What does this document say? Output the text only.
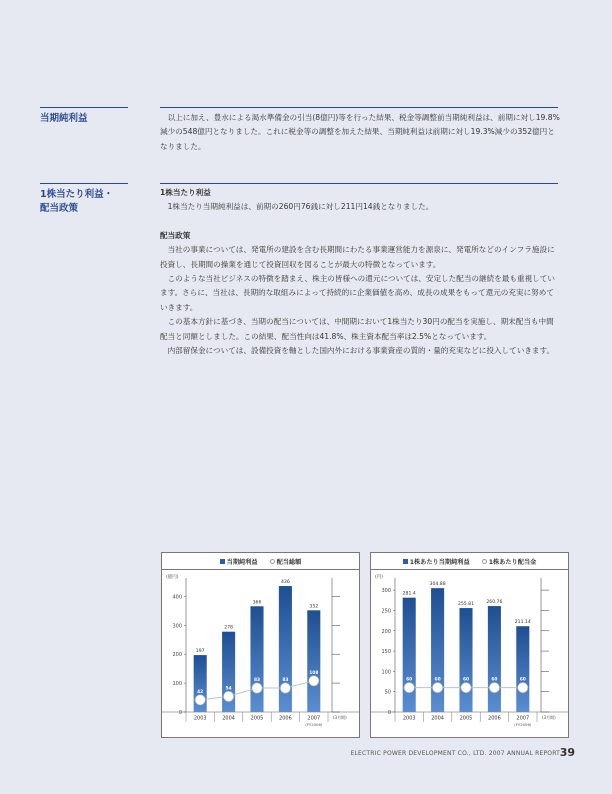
当期純利益	以上に加え、豊水による渇水準備金の引当(8億円)等を行った結果、税金等調整前当期純利益は、前期に対し19.8%減少の548億円となりました。これに税金等の調整を加えた結果、当期純利益は前期に対し19.3%減少の352億円となりました。

1株当たり利益・
配当政策
1株当たり利益

1株当たり当期純利益は、前期の260円76銭に対し211円14銭となりました。

配当政策

当社の事業については、発電所の建設を含む長期間にわたる事業運営能力を源泉に、発電所などのインフラ施設に投資し、長期間の操業を通じて投資回収を図ることが最大の特徴となっています。

このような当社ビジネスの特徴を踏まえ、株主の皆様への還元については、安定した配当の継続を最も重視しています。さらに、当社は、長期的な取組みによって持続的に企業価値を高め、成長の成果をもって還元の充実に努めていきます。

この基本方針に基づき、当期の配当については、中間期において1株当たり30円の配当を実施し、期末配当も中間配当と同額としました。この結果、配当性向は41.8%、株主資本配当率は2.5%となっています。

内部留保金については、設備投資を軸とした国内外における事業資産の質的・量的充実などに投入していきます。

当期純利益	配当総額
(億円)
0
100
200
300
400
197
278
366
436
352
42
54
83	83
108
2003	2004	2005	2006	2007
(FY2006)
(3月期)
1株あたり当期純利益	1株あたり配当金
(円)
0
50
100
150
200
250
300
281.4
304.88
255.81	260.76
211.14
60	60	60	60	60
2003	2004	2005	2006	2007
(FY2006)
(3月期)
ELECTRIC POWER DEVELOPMENT CO., LTD. 2007 ANNUAL REPORT 39
